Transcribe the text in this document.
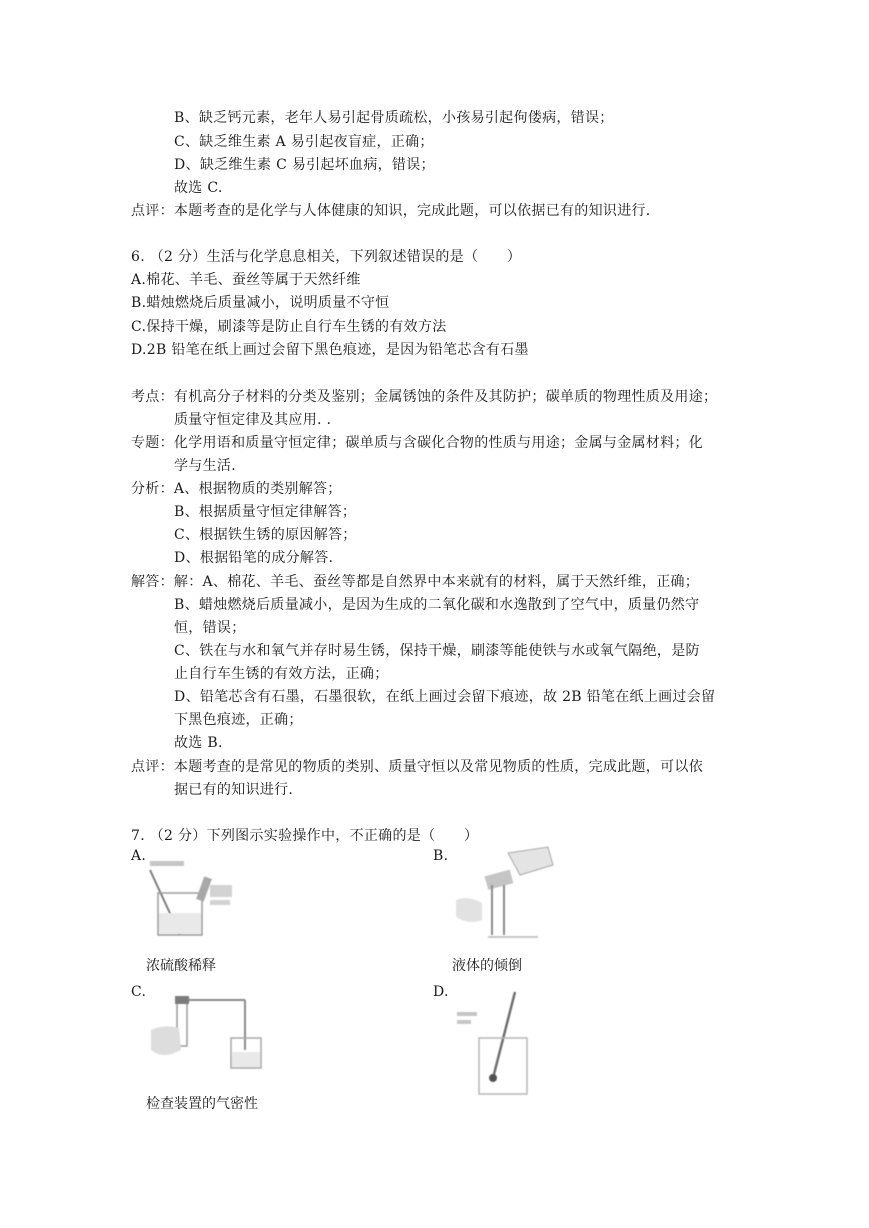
B、缺乏钙元素，老年人易引起骨质疏松，小孩易引起佝偻病，错误；
C、缺乏维生素 A 易引起夜盲症，正确；
D、缺乏维生素 C 易引起坏血病，错误；
故选 C.
点评：本题考查的是化学与人体健康的知识，完成此题，可以依据已有的知识进行.
6. （2 分）生活与化学息息相关，下列叙述错误的是（　　）
A.棉花、羊毛、蚕丝等属于天然纤维
B.蜡烛燃烧后质量减小，说明质量不守恒
C.保持干燥，刷漆等是防止自行车生锈的有效方法
D.2B 铅笔在纸上画过会留下黑色痕迹，是因为铅笔芯含有石墨
考点：有机高分子材料的分类及鉴别；金属锈蚀的条件及其防护；碳单质的物理性质及用途；
质量守恒定律及其应用. .
专题：化学用语和质量守恒定律；碳单质与含碳化合物的性质与用途；金属与金属材料；化
学与生活.
分析：A、根据物质的类别解答；
B、根据质量守恒定律解答；
C、根据铁生锈的原因解答；
D、根据铅笔的成分解答.
解答：解：A、棉花、羊毛、蚕丝等都是自然界中本来就有的材料，属于天然纤维，正确；
B、蜡烛燃烧后质量减小，是因为生成的二氧化碳和水逸散到了空气中，质量仍然守
恒，错误；
C、铁在与水和氧气并存时易生锈，保持干燥，刷漆等能使铁与水或氧气隔绝，是防
止自行车生锈的有效方法，正确；
D、铅笔芯含有石墨，石墨很软，在纸上画过会留下痕迹，故 2B 铅笔在纸上画过会留
下黑色痕迹，正确；
故选 B.
点评：本题考查的是常见的物质的类别、质量守恒以及常见物质的性质，完成此题，可以依
据已有的知识进行.
7. （2 分）下列图示实验操作中，不正确的是（　　）
A.	B.
浓硫酸稀释	液体的倾倒
C.	D.
检查装置的气密性
